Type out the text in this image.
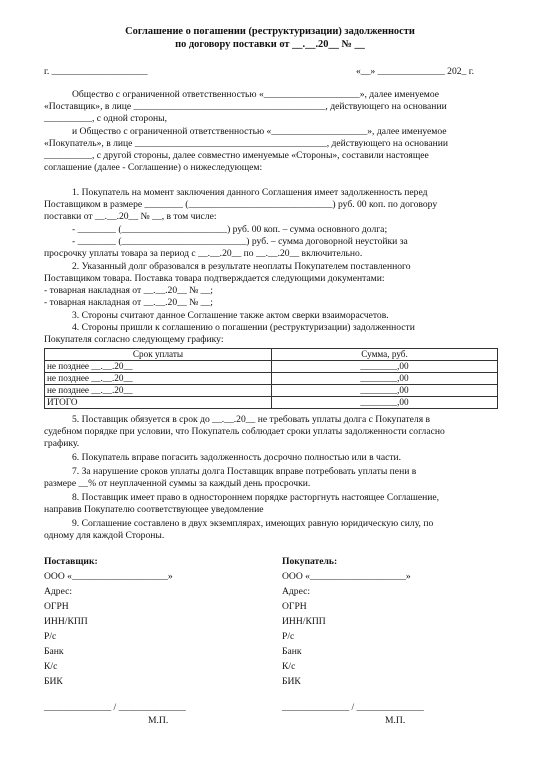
Соглашение о погашении (реструктуризации) задолженности
по договору поставки от __.__.20__ № __
г. ____________________	«__» ______________ 202_ г.
Общество с ограниченной ответственностью «____________________», далее именуемое
«Поставщик», в лице ________________________________________, действующего на основании
__________, с одной стороны,
и Общество с ограниченной ответственностью «____________________», далее именуемое
«Покупатель», в лице ________________________________________, действующего на основании
__________, с другой стороны, далее совместно именуемые «Стороны», составили настоящее
соглашение (далее - Соглашение) о нижеследующем:
1. Покупатель на момент заключения данного Соглашения имеет задолженность перед
Поставщиком в размере ________ (______________________________) руб. 00 коп. по договору
поставки от __.__.20__ № __, в том числе:
- ________ (______________________) руб. 00 коп. – сумма основного долга;
- ________ (__________________________) руб. – сумма договорной неустойки за
просрочку уплаты товара за период с __.__.20__ по __.__.20__ включительно.
2. Указанный долг образовался в результате неоплаты Покупателем поставленного
Поставщиком товара. Поставка товара подтверждается следующими документами:
- товарная накладная от __.__.20__ № __;
- товарная накладная от __.__.20__ № __;
3. Стороны считают данное Соглашение также актом сверки взаиморасчетов.
4. Стороны пришли к соглашению о погашении (реструктуризации) задолженности
Покупателя согласно следующему графику:
Срок уплаты	Сумма, руб.
не позднее __.__.20__	________,00
не позднее __.__.20__	________,00
не позднее __.__.20__	________,00
ИТОГО	________,00
5. Поставщик обязуется в срок до __.__.20__ не требовать уплаты долга с Покупателя в
судебном порядке при условии, что Покупатель соблюдает сроки уплаты задолженности согласно
графику.
6. Покупатель вправе погасить задолженность досрочно полностью или в части.
7. За нарушение сроков уплаты долга Поставщик вправе потребовать уплаты пени в
размере __% от неуплаченной суммы за каждый день просрочки.
8. Поставщик имеет право в одностороннем порядке расторгнуть настоящее Соглашение,
направив Покупателю соответствующее уведомление
9. Соглашение составлено в двух экземплярах, имеющих равную юридическую силу, по
одному для каждой Стороны.
Поставщик:
ООО «____________________»
Адрес:
ОГРН
ИНН/КПП
Р/с
Банк
К/с
БИК
______________ / ______________
М.П.
Покупатель:
ООО «____________________»
Адрес:
ОГРН
ИНН/КПП
Р/с
Банк
К/с
БИК
______________ / ______________
М.П.
